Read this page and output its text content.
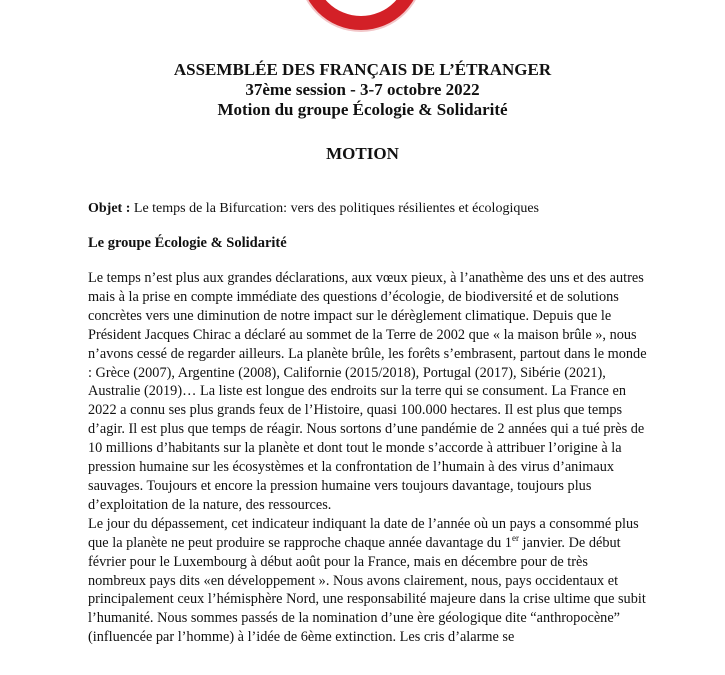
ASSEMBLÉE DES FRANÇAIS DE L’ÉTRANGER
37ème session - 3-7 octobre 2022
Motion du groupe Écologie & Solidarité
MOTION
Objet : Le temps de la Bifurcation: vers des politiques résilientes et écologiques
Le groupe Écologie & Solidarité

Le temps n’est plus aux grandes déclarations, aux vœux pieux, à l’anathème des uns et des autres mais à la prise en compte immédiate des questions d’écologie, de biodiversité et de solutions concrètes vers une diminution de notre impact sur le dérèglement climatique. Depuis que le Président Jacques Chirac a déclaré au sommet de la Terre de 2002 que « la maison brûle », nous n’avons cessé de regarder ailleurs. La planète brûle, les forêts s’embrasent, partout dans le monde : Grèce (2007), Argentine (2008), Californie (2015/2018), Portugal (2017), Sibérie (2021), Australie (2019)… La liste est longue des endroits sur la terre qui se consument. La France en 2022 a connu ses plus grands feux de l’Histoire, quasi 100.000 hectares. Il est plus que temps d’agir. Il est plus que temps de réagir. Nous sortons d’une pandémie de 2 années qui a tué près de 10 millions d’habitants sur la planète et dont tout le monde s’accorde à attribuer l’origine à la pression humaine sur les écosystèmes et la confrontation de l’humain à des virus d’animaux sauvages. Toujours et encore la pression humaine vers toujours davantage, toujours plus d’exploitation de la nature, des ressources.

Le jour du dépassement, cet indicateur indiquant la date de l’année où un pays a consommé plus que la planète ne peut produire se rapproche chaque année davantage du 1er janvier. De début février pour le Luxembourg à début août pour la France, mais en décembre pour de très nombreux pays dits «en développement ». Nous avons clairement, nous, pays occidentaux et principalement ceux l’hémisphère Nord, une responsabilité majeure dans la crise ultime que subit l’humanité. Nous sommes passés de la nomination d’une ère géologique dite “anthropocène” (influencée par l’homme) à l’idée de 6ème extinction. Les cris d’alarme se
